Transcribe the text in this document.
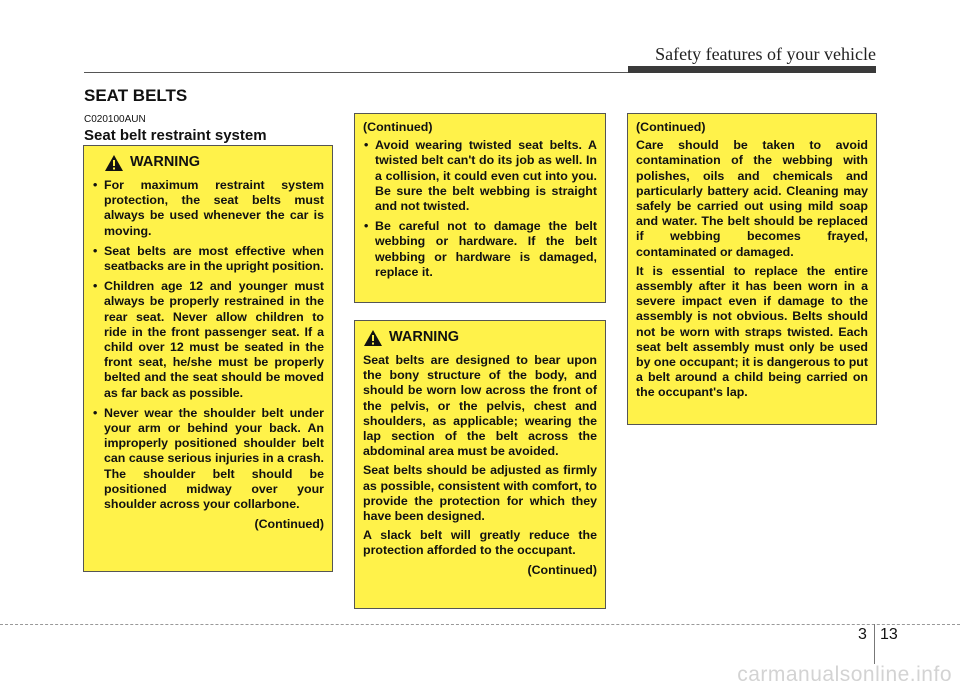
Safety features of your vehicle
SEAT BELTS
C020100AUN
Seat belt restraint system
WARNING
• For maximum restraint system protection, the seat belts must always be used whenever the car is moving.
• Seat belts are most effective when seatbacks are in the upright position.
• Children age 12 and younger must always be properly restrained in the rear seat. Never allow children to ride in the front passenger seat. If a child over 12 must be seated in the front seat, he/she must be properly belted and the seat should be moved as far back as possible.
• Never wear the shoulder belt under your arm or behind your back. An improperly positioned shoulder belt can cause serious injuries in a crash. The shoulder belt should be positioned midway over your shoulder across your collarbone.
(Continued)
(Continued)
• Avoid wearing twisted seat belts. A twisted belt can't do its job as well. In a collision, it could even cut into you. Be sure the belt webbing is straight and not twisted.
• Be careful not to damage the belt webbing or hardware. If the belt webbing or hardware is damaged, replace it.
WARNING

Seat belts are designed to bear upon the bony structure of the body, and should be worn low across the front of the pelvis, or the pelvis, chest and shoulders, as applicable; wearing the lap section of the belt across the abdominal area must be avoided.

Seat belts should be adjusted as firmly as possible, consistent with comfort, to provide the protection for which they have been designed.

A slack belt will greatly reduce the protection afforded to the occupant.

(Continued)
(Continued)

Care should be taken to avoid contamination of the webbing with polishes, oils and chemicals and particularly battery acid. Cleaning may safely be carried out using mild soap and water. The belt should be replaced if webbing becomes frayed, contaminated or damaged.

It is essential to replace the entire assembly after it has been worn in a severe impact even if damage to the assembly is not obvious. Belts should not be worn with straps twisted. Each seat belt assembly must only be used by one occupant; it is dangerous to put a belt around a child being carried on the occupant's lap.

3 13
carmanualsonline.info
